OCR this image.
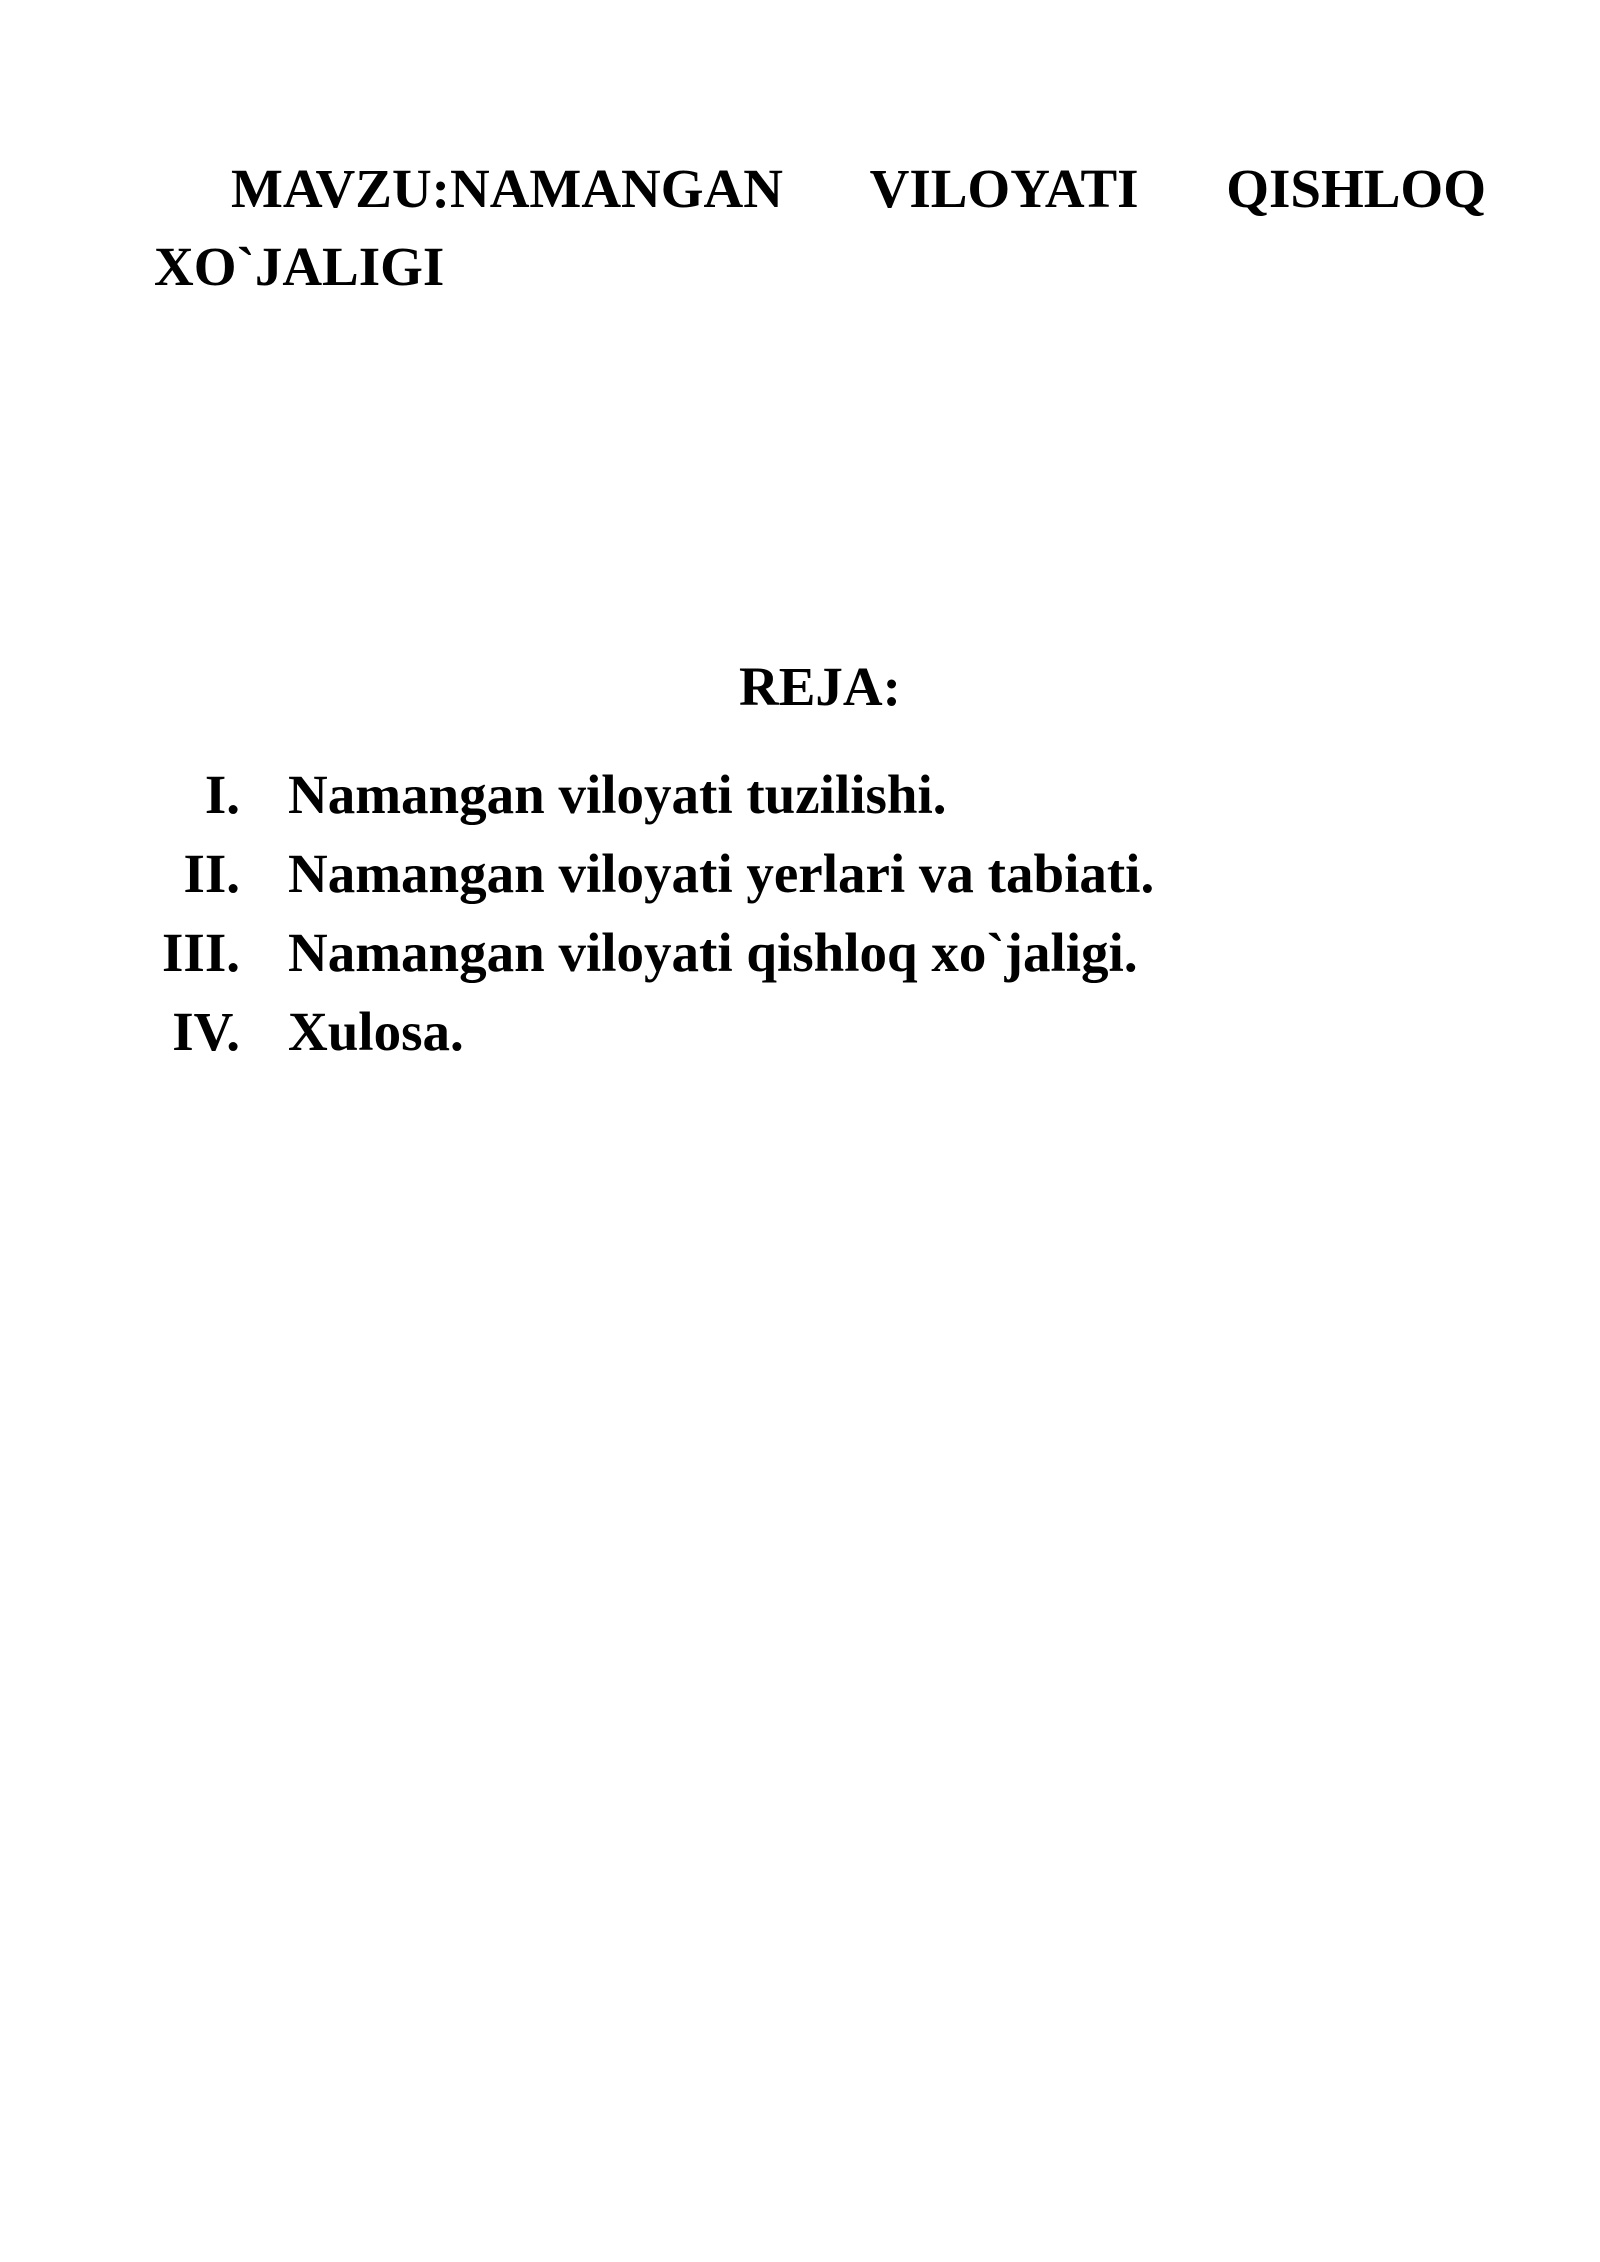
MAVZU:NAMANGAN VILOYATI QISHLOQ XO`JALIGI
REJA:
I. Namangan viloyati tuzilishi.
II. Namangan viloyati yerlari va tabiati.
III. Namangan viloyati qishloq xo`jaligi.
IV. Xulosa.
